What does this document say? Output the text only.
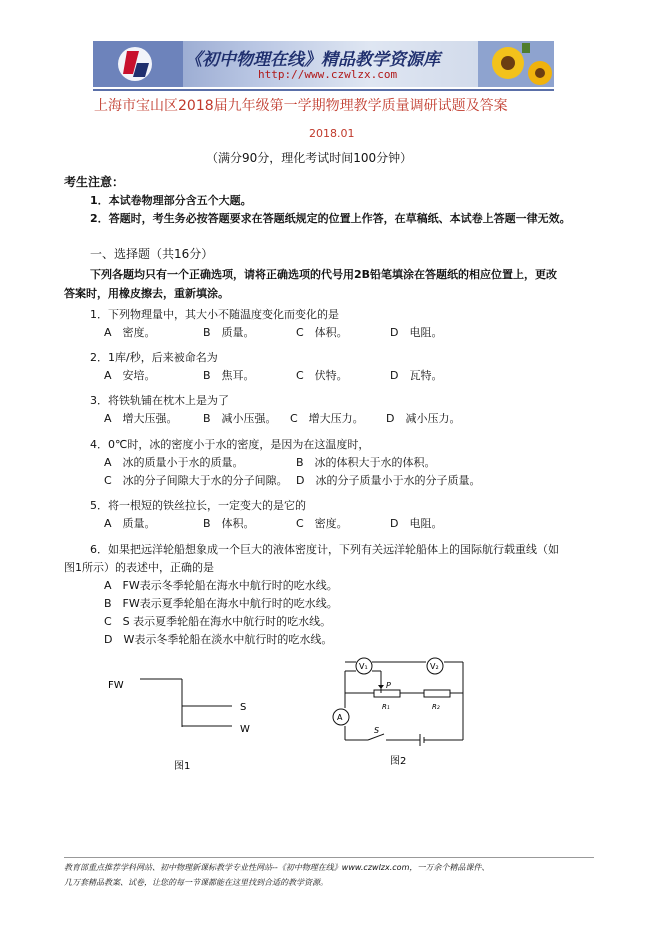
《初中物理在线》精品教学资源库
http://www.czwlzx.com
上海市宝山区2018届九年级第一学期物理教学质量调研试题及答案
2018.01
（满分90分，理化考试时间100分钟）
考生注意：
1．本试卷物理部分含五个大题。
2．答题时，考生务必按答题要求在答题纸规定的位置上作答，在草稿纸、本试卷上答题一律无效。
一、选择题（共16分）
下列各题均只有一个正确选项，请将正确选项的代号用2B铅笔填涂在答题纸的相应位置上，更改
答案时，用橡皮擦去，重新填涂。
1．下列物理量中，其大小不随温度变化而变化的是
A　密度。	B　质量。	C　体积。	D　电阻。
2．1库/秒，后来被命名为
A　安培。	B　焦耳。	C　伏特。	D　瓦特。
3．将铁轨铺在枕木上是为了
A　增大压强。 B　减小压强。 C　增大压力。 D　减小压力。
4．0℃时，冰的密度小于水的密度，是因为在这温度时，
A　冰的质量小于水的质量。	B　冰的体积大于水的体积。
C　冰的分子间隙大于水的分子间隙。 D　冰的分子质量小于水的分子质量。
5．将一根短的铁丝拉长，一定变大的是它的
A　质量。	B　体积。	C　密度。	D　电阻。
6．如果把远洋轮船想象成一个巨大的液体密度计，下列有关远洋轮船体上的国际航行载重线（如
图1所示）的表述中，正确的是
A　FW表示冬季轮船在海水中航行时的吃水线。
B　FW表示夏季轮船在海水中航行时的吃水线。
C　S 表示夏季轮船在海水中航行时的吃水线。
D　W表示冬季轮船在淡水中航行时的吃水线。
FW
S
W
图1
V₁	V₂
A
P
R₁	R₂
S
图2
教育部重点推荐学科网站、初中物理新课标教学专业性网站--《初中物理在线》www.czwlzx.com，一万余个精品课件、
几万套精品教案、试卷，让您的每一节课都能在这里找到合适的教学资源。
